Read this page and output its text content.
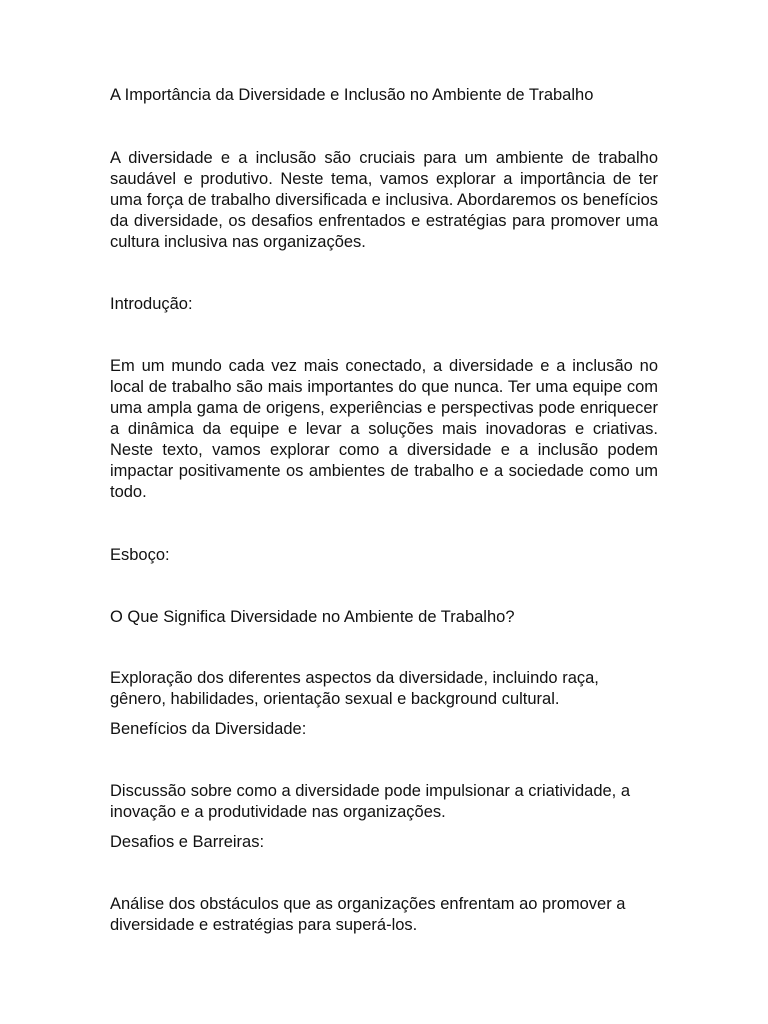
A Importância da Diversidade e Inclusão no Ambiente de Trabalho

A diversidade e a inclusão são cruciais para um ambiente de trabalho saudável e produtivo. Neste tema, vamos explorar a importância de ter uma força de trabalho diversificada e inclusiva. Abordaremos os benefícios da diversidade, os desafios enfrentados e estratégias para promover uma cultura inclusiva nas organizações.

Introdução:

Em um mundo cada vez mais conectado, a diversidade e a inclusão no local de trabalho são mais importantes do que nunca. Ter uma equipe com uma ampla gama de origens, experiências e perspectivas pode enriquecer a dinâmica da equipe e levar a soluções mais inovadoras e criativas. Neste texto, vamos explorar como a diversidade e a inclusão podem impactar positivamente os ambientes de trabalho e a sociedade como um todo.

Esboço:

O Que Significa Diversidade no Ambiente de Trabalho?

Exploração dos diferentes aspectos da diversidade, incluindo raça, gênero, habilidades, orientação sexual e background cultural.

Benefícios da Diversidade:

Discussão sobre como a diversidade pode impulsionar a criatividade, a inovação e a produtividade nas organizações.

Desafios e Barreiras:

Análise dos obstáculos que as organizações enfrentam ao promover a diversidade e estratégias para superá-los.
